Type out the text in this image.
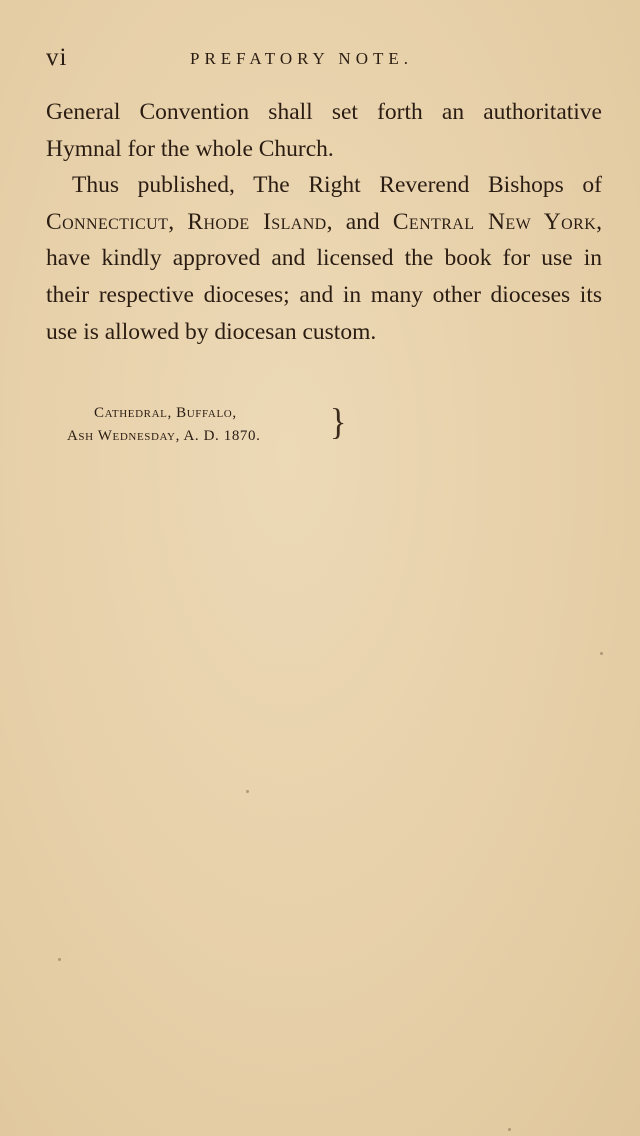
vi	PREFATORY NOTE.

General Convention shall set forth an authoritative Hymnal for the whole Church.

Thus published, The Right Reverend Bishops of Connecticut, Rhode Island, and Central New York, have kindly approved and licensed the book for use in their respective dioceses; and in many other dioceses its use is allowed by diocesan custom.

Cathedral, Buffalo,
Ash Wednesday, A. D. 1870.	}
